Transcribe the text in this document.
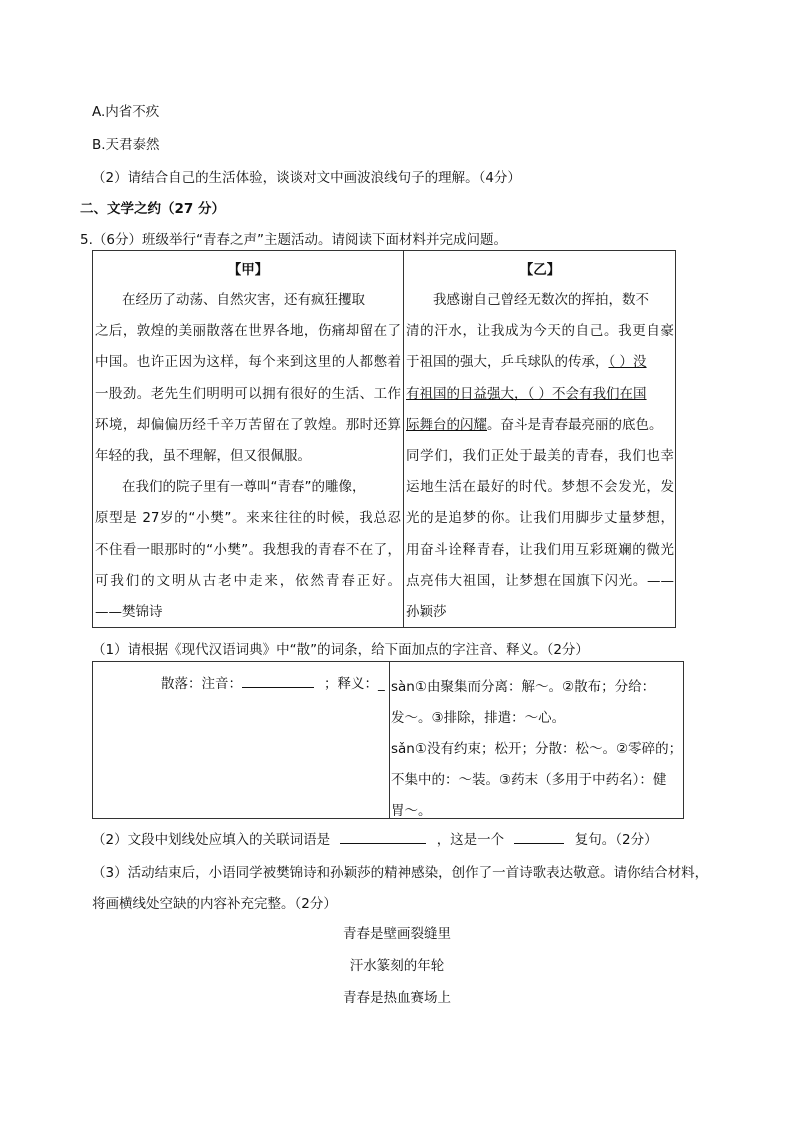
A.内省不疚
B.天君泰然
（2）请结合自己的生活体验，谈谈对文中画波浪线句子的理解。（4分）
二、文学之约（27 分）
5.（6分）班级举行“青春之声”主题活动。请阅读下面材料并完成问题。
【甲】
在经历了动荡、自然灾害，还有疯狂攫取
之后，敦煌的美丽散落在世界各地，伤痛却留在了
中国。也许正因为这样，每个来到这里的人都憋着
一股劲。老先生们明明可以拥有很好的生活、工作
环境，却偏偏历经千辛万苦留在了敦煌。那时还算
年轻的我，虽不理解，但又很佩服。
在我们的院子里有一尊叫“青春”的雕像，
原型是 27岁的“小樊”。来来往往的时候，我总忍
不住看一眼那时的“小樊”。我想我的青春不在了，
可我们的文明从古老中走来，依然青春正好。
——樊锦诗
【乙】
我感谢自己曾经无数次的挥拍，数不
清的汗水，让我成为今天的自己。我更自豪
于祖国的强大，乒乓球队的传承，（ ）没
有祖国的日益强大，（ ）不会有我们在国
际舞台的闪耀。奋斗是青春最亮丽的底色。
同学们，我们正处于最美的青春，我们也幸
运地生活在最好的时代。梦想不会发光，发
光的是追梦的你。让我们用脚步丈量梦想，
用奋斗诠释青春，让我们用互彩斑斓的微光
点亮伟大祖国，让梦想在国旗下闪光。——
孙颖莎
（1）请根据《现代汉语词典》中“散”的词条，给下面加点的字注音、释义。（2分）
散落：注音：	；释义：_ sàn①由聚集而分离：解～。②散布；分给：
发～。③排除，排遣：～心。
sǎn①没有约束；松开；分散：松～。②零碎的；
不集中的：～装。③药末（多用于中药名）：健
胃～。
（2）文段中划线处应填入的关联词语是	，这是一个	复句。（2分）
（3）活动结束后，小语同学被樊锦诗和孙颖莎的精神感染，创作了一首诗歌表达敬意。请你结合材料，
将画横线处空缺的内容补充完整。（2分）
青春是壁画裂缝里
汗水篆刻的年轮
青春是热血赛场上
